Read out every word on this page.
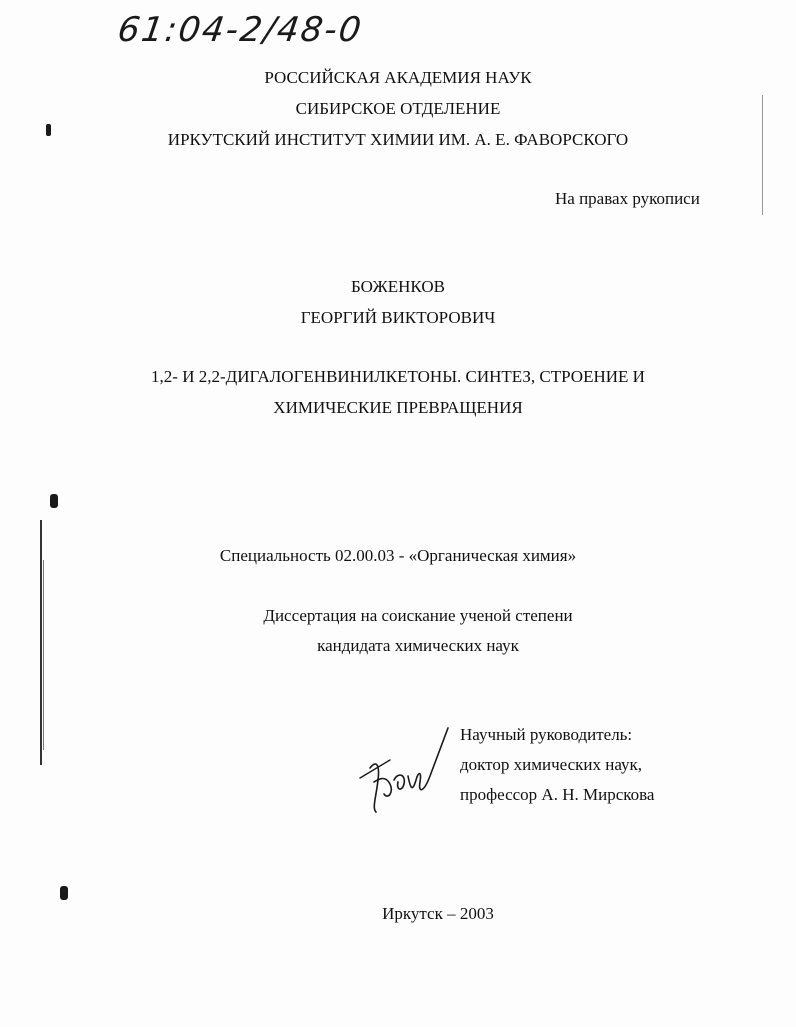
61:04-2/48-0
РОССИЙСКАЯ АКАДЕМИЯ НАУК
СИБИРСКОЕ ОТДЕЛЕНИЕ
ИРКУТСКИЙ ИНСТИТУТ ХИМИИ ИМ. А. Е. ФАВОРСКОГО
На правах рукописи
БОЖЕНКОВ
ГЕОРГИЙ ВИКТОРОВИЧ
1,2- И 2,2-ДИГАЛОГЕНВИНИЛКЕТОНЫ. СИНТЕЗ, СТРОЕНИЕ И
ХИМИЧЕСКИЕ ПРЕВРАЩЕНИЯ
Специальность 02.00.03 - «Органическая химия»
Диссертация на соискание ученой степени
кандидата химических наук
Научный руководитель:
доктор химических наук,
профессор А. Н. Мирскова
Иркутск – 2003
